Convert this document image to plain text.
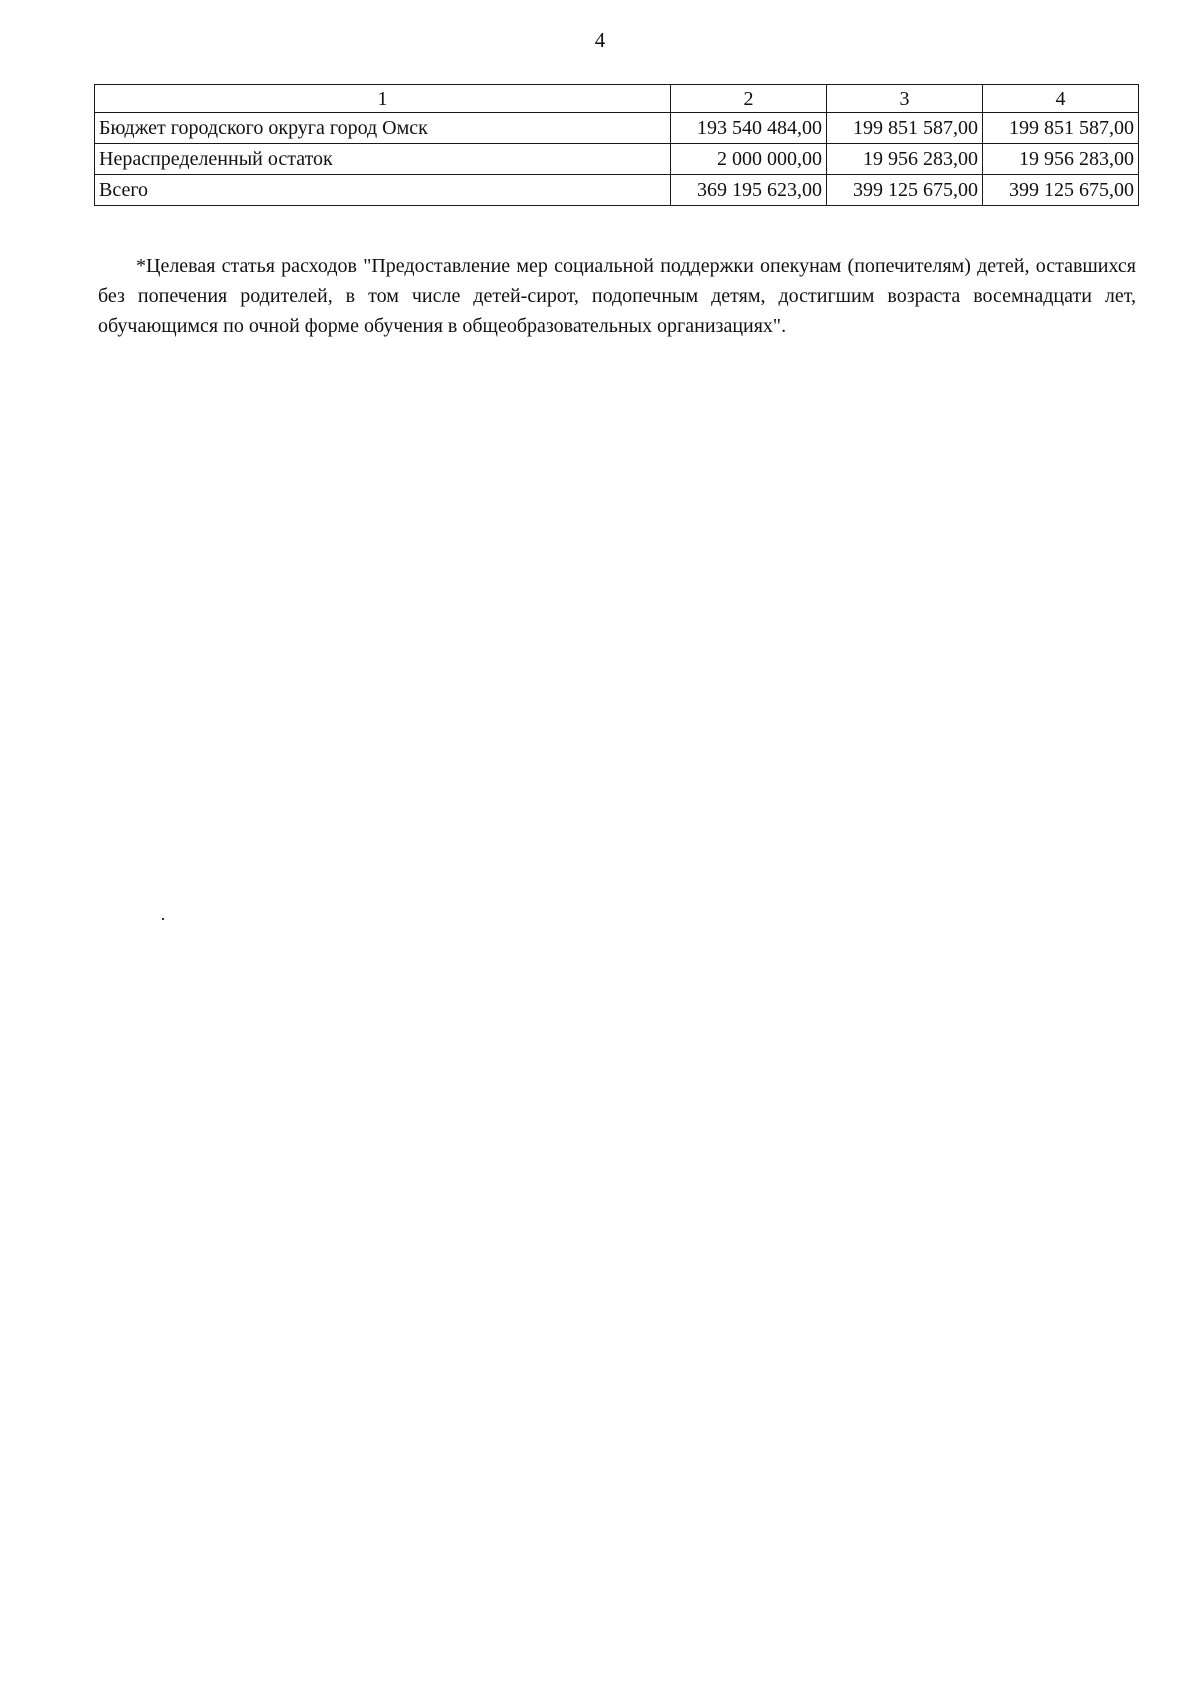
4
1	2	3	4
Бюджет городского округа город Омск	193 540 484,00	199 851 587,00	199 851 587,00
Нераспределенный остаток	2 000 000,00	19 956 283,00	19 956 283,00
Всего	369 195 623,00	399 125 675,00	399 125 675,00

*Целевая статья расходов "Предоставление мер социальной поддержки опекунам (попечителям) детей, оставшихся без попечения родителей, в том числе детей-сирот, подопечным детям, достигшим возраста восемнадцати лет, обучающимся по очной форме обучения в общеобразовательных организациях".
